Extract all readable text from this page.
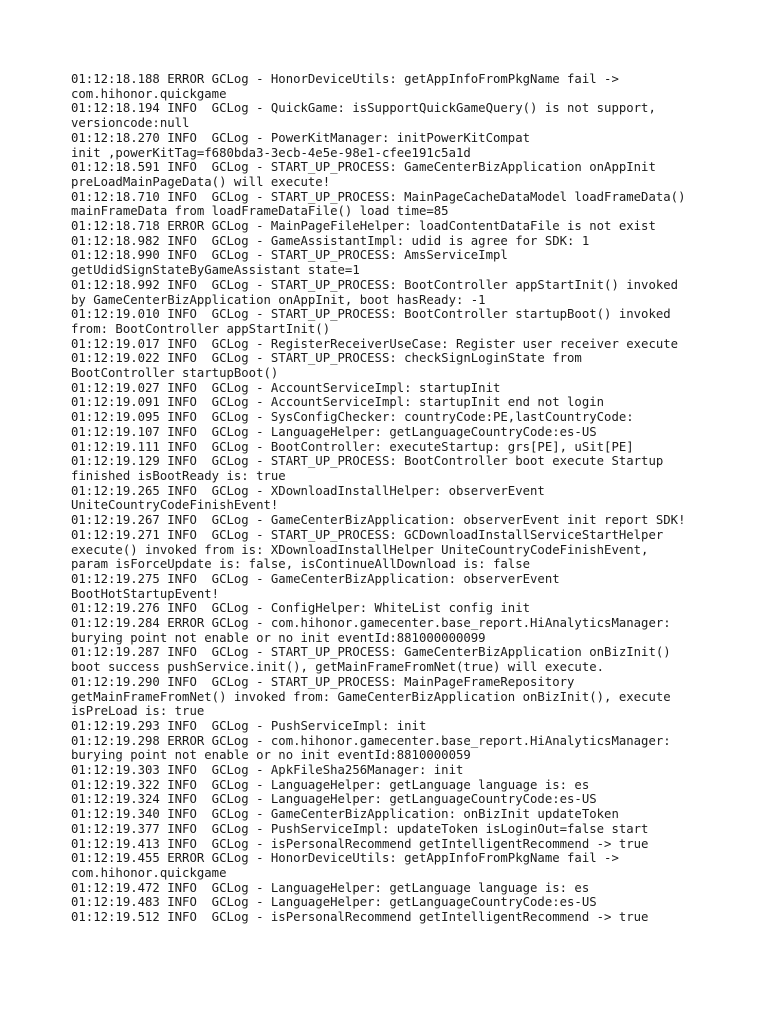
01:12:18.188 ERROR GCLog - HonorDeviceUtils: getAppInfoFromPkgName fail ->
com.hihonor.quickgame
01:12:18.194 INFO  GCLog - QuickGame: isSupportQuickGameQuery() is not support,
versioncode:null
01:12:18.270 INFO  GCLog - PowerKitManager: initPowerKitCompat
init ,powerKitTag=f680bda3-3ecb-4e5e-98e1-cfee191c5a1d
01:12:18.591 INFO  GCLog - START_UP_PROCESS: GameCenterBizApplication onAppInit
preLoadMainPageData() will execute!
01:12:18.710 INFO  GCLog - START_UP_PROCESS: MainPageCacheDataModel loadFrameData()
mainFrameData from loadFrameDataFile() load time=85
01:12:18.718 ERROR GCLog - MainPageFileHelper: loadContentDataFile is not exist
01:12:18.982 INFO  GCLog - GameAssistantImpl: udid is agree for SDK: 1
01:12:18.990 INFO  GCLog - START_UP_PROCESS: AmsServiceImpl
getUdidSignStateByGameAssistant state=1
01:12:18.992 INFO  GCLog - START_UP_PROCESS: BootController appStartInit() invoked
by GameCenterBizApplication onAppInit, boot hasReady: -1
01:12:19.010 INFO  GCLog - START_UP_PROCESS: BootController startupBoot() invoked
from: BootController appStartInit()
01:12:19.017 INFO  GCLog - RegisterReceiverUseCase: Register user receiver execute
01:12:19.022 INFO  GCLog - START_UP_PROCESS: checkSignLoginState from
BootController startupBoot()
01:12:19.027 INFO  GCLog - AccountServiceImpl: startupInit
01:12:19.091 INFO  GCLog - AccountServiceImpl: startupInit end not login
01:12:19.095 INFO  GCLog - SysConfigChecker: countryCode:PE,lastCountryCode:
01:12:19.107 INFO  GCLog - LanguageHelper: getLanguageCountryCode:es-US
01:12:19.111 INFO  GCLog - BootController: executeStartup: grs[PE], uSit[PE]
01:12:19.129 INFO  GCLog - START_UP_PROCESS: BootController boot execute Startup
finished isBootReady is: true
01:12:19.265 INFO  GCLog - XDownloadInstallHelper: observerEvent
UniteCountryCodeFinishEvent!
01:12:19.267 INFO  GCLog - GameCenterBizApplication: observerEvent init report SDK!
01:12:19.271 INFO  GCLog - START_UP_PROCESS: GCDownloadInstallServiceStartHelper
execute() invoked from is: XDownloadInstallHelper UniteCountryCodeFinishEvent,
param isForceUpdate is: false, isContinueAllDownload is: false
01:12:19.275 INFO  GCLog - GameCenterBizApplication: observerEvent
BootHotStartupEvent!
01:12:19.276 INFO  GCLog - ConfigHelper: WhiteList config init
01:12:19.284 ERROR GCLog - com.hihonor.gamecenter.base_report.HiAnalyticsManager:
burying point not enable or no init eventId:881000000099
01:12:19.287 INFO  GCLog - START_UP_PROCESS: GameCenterBizApplication onBizInit()
boot success pushService.init(), getMainFrameFromNet(true) will execute.
01:12:19.290 INFO  GCLog - START_UP_PROCESS: MainPageFrameRepository
getMainFrameFromNet() invoked from: GameCenterBizApplication onBizInit(), execute
isPreLoad is: true
01:12:19.293 INFO  GCLog - PushServiceImpl: init
01:12:19.298 ERROR GCLog - com.hihonor.gamecenter.base_report.HiAnalyticsManager:
burying point not enable or no init eventId:8810000059
01:12:19.303 INFO  GCLog - ApkFileSha256Manager: init
01:12:19.322 INFO  GCLog - LanguageHelper: getLanguage language is: es
01:12:19.324 INFO  GCLog - LanguageHelper: getLanguageCountryCode:es-US
01:12:19.340 INFO  GCLog - GameCenterBizApplication: onBizInit updateToken
01:12:19.377 INFO  GCLog - PushServiceImpl: updateToken isLoginOut=false start
01:12:19.413 INFO  GCLog - isPersonalRecommend getIntelligentRecommend -> true
01:12:19.455 ERROR GCLog - HonorDeviceUtils: getAppInfoFromPkgName fail ->
com.hihonor.quickgame
01:12:19.472 INFO  GCLog - LanguageHelper: getLanguage language is: es
01:12:19.483 INFO  GCLog - LanguageHelper: getLanguageCountryCode:es-US
01:12:19.512 INFO  GCLog - isPersonalRecommend getIntelligentRecommend -> true
